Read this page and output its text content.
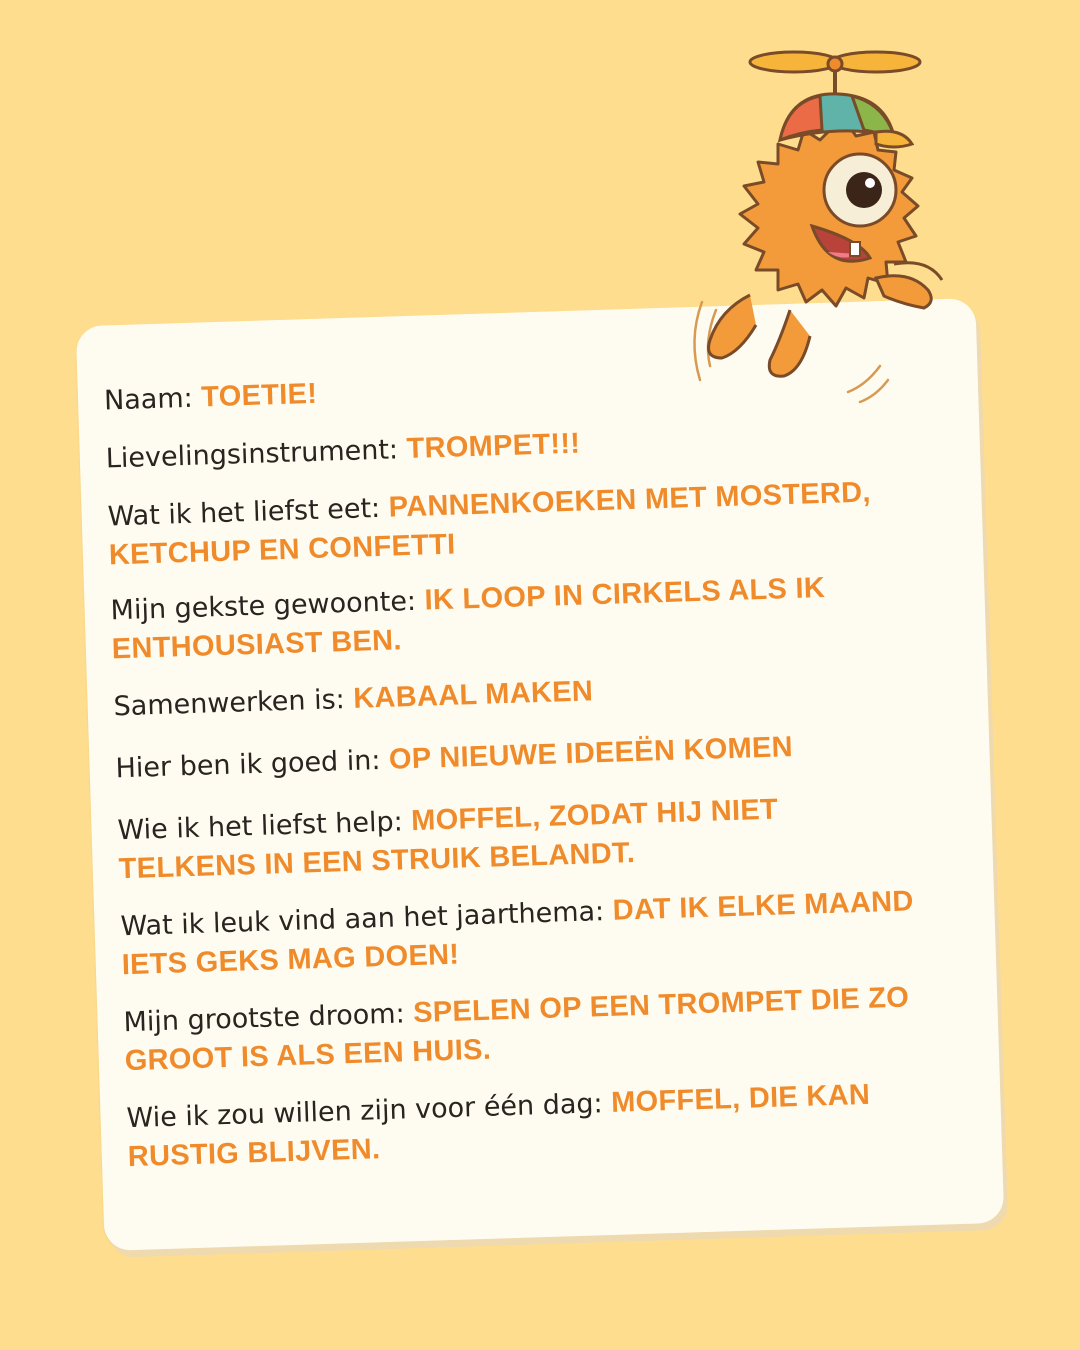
Naam: TOETIE!

Lievelingsinstrument: TROMPET!!!

Wat ik het liefst eet: PANNENKOEKEN MET MOSTERD, KETCHUP EN CONFETTI

Mijn gekste gewoonte: IK LOOP IN CIRKELS ALS IK ENTHOUSIAST BEN.

Samenwerken is: KABAAL MAKEN

Hier ben ik goed in: OP NIEUWE IDEEËN KOMEN

Wie ik het liefst help: MOFFEL, ZODAT HIJ NIET TELKENS IN EEN STRUIK BELANDT.

Wat ik leuk vind aan het jaarthema: DAT IK ELKE MAAND IETS GEKS MAG DOEN!

Mijn grootste droom: SPELEN OP EEN TROMPET DIE ZO GROOT IS ALS EEN HUIS.

Wie ik zou willen zijn voor één dag: MOFFEL, DIE KAN RUSTIG BLIJVEN.
